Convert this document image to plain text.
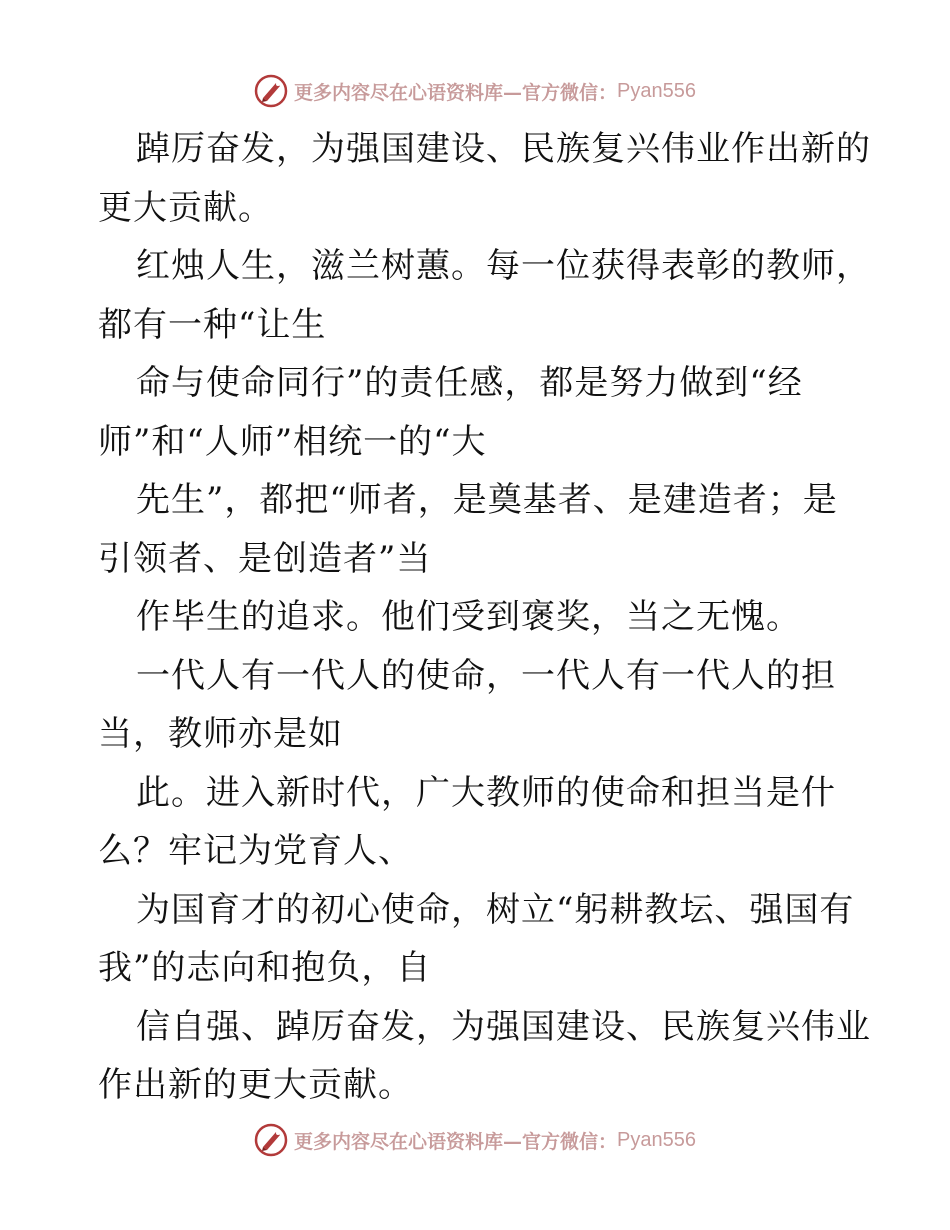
更多内容尽在心语资料库—官方微信： Pyan556
踔厉奋发，为强国建设、民族复兴伟业作出新的
更大贡献。
红烛人生，滋兰树蕙。每一位获得表彰的教师，
都有一种“让生
命与使命同行”的责任感，都是努力做到“经
师”和“人师”相统一的“大
先生”，都把“师者，是奠基者、是建造者；是
引领者、是创造者”当
作毕生的追求。他们受到褒奖，当之无愧。
一代人有一代人的使命，一代人有一代人的担
当，教师亦是如
此。进入新时代，广大教师的使命和担当是什
么？牢记为党育人、
为国育才的初心使命，树立“躬耕教坛、强国有
我”的志向和抱负，自
信自强、踔厉奋发，为强国建设、民族复兴伟业
作出新的更大贡献。
更多内容尽在心语资料库—官方微信： Pyan556
